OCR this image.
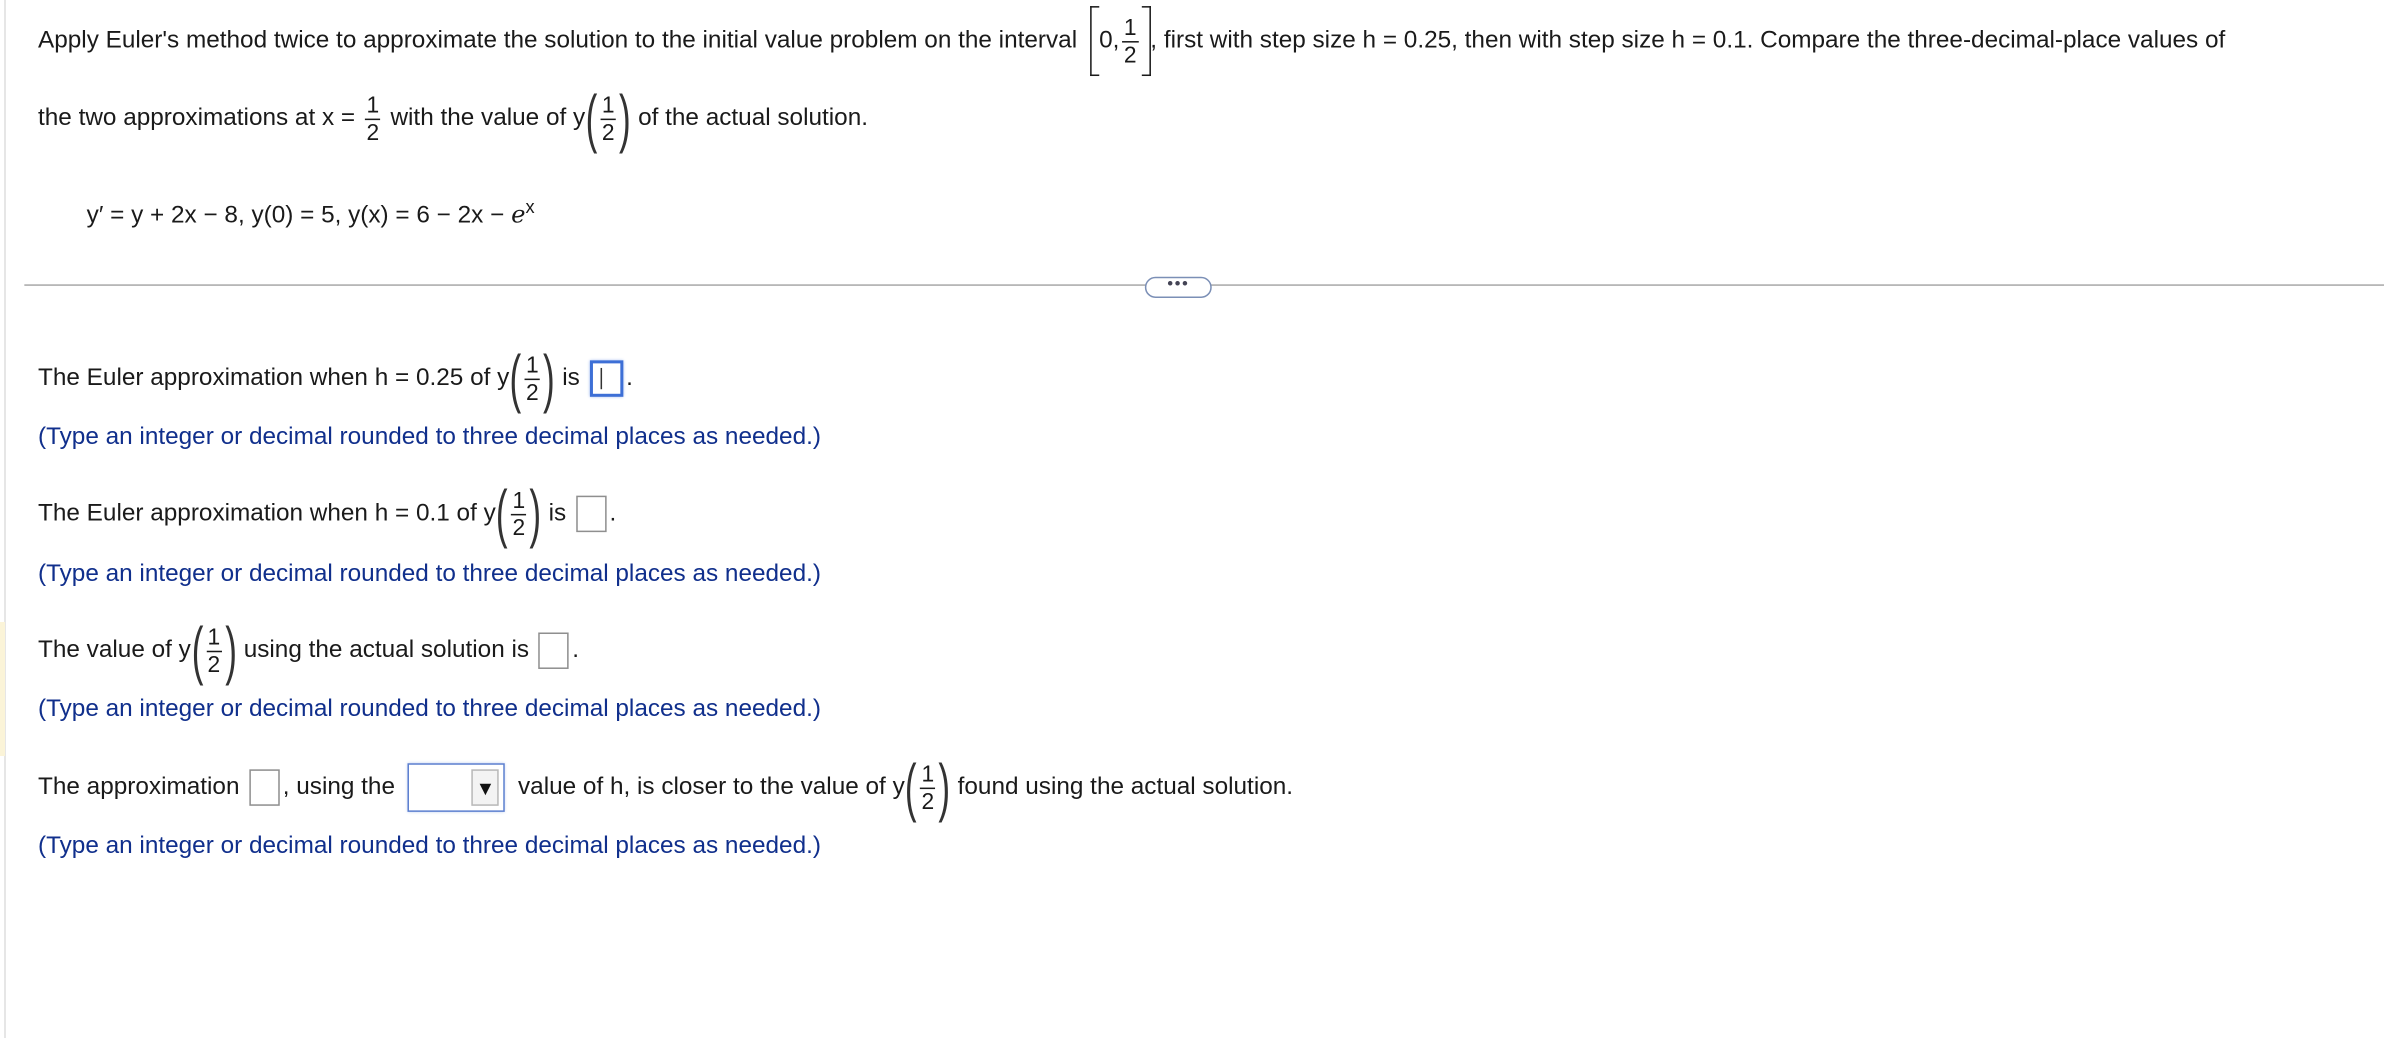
Apply Euler's method twice to approximate the solution to the initial value problem on the interval 0, $\frac{1}{2}$ , first with step size h = 0.25, then with step size h = 0.1. Compare the three-decimal-place values of
the two approximations at $x = \frac{1}{2}$ with the value of $y( \frac{1}{2}$ ) of the actual solution.
y′ = y + 2x − 8, y(0) = 5, $y(x) = 6 - 2x - e^x$
•••
The Euler approximation when h = 0.25 of $y( \frac{1}{2}$ ) is	.
(Type an integer or decimal rounded to three decimal places as needed.)
The Euler approximation when h = 0.1 of $y( \frac{1}{2}$ ) is	.
(Type an integer or decimal rounded to three decimal places as needed.)
The value of $y( \frac{1}{2}$ ) using the actual solution is	.
(Type an integer or decimal rounded to three decimal places as needed.)
The approximation	, using the	▼ value of h, is closer to the value of $y( \frac{1}{2}$ ) found using the actual solution.
(Type an integer or decimal rounded to three decimal places as needed.)
